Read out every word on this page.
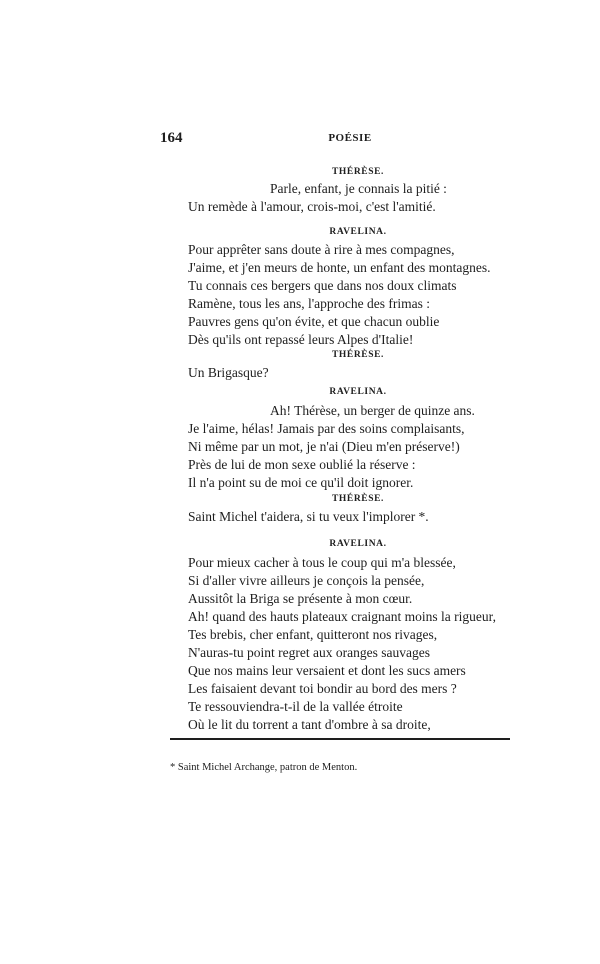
164	POÉSIE
THÉRÈSE.
Parle, enfant, je connais la pitié :
Un remède à l'amour, crois-moi, c'est l'amitié.
RAVELINA.
Pour apprêter sans doute à rire à mes compagnes,
J'aime, et j'en meurs de honte, un enfant des montagnes.
Tu connais ces bergers que dans nos doux climats
Ramène, tous les ans, l'approche des frimas :
Pauvres gens qu'on évite, et que chacun oublie
Dès qu'ils ont repassé leurs Alpes d'Italie!
THÉRÈSE.
Un Brigasque?
RAVELINA.
Ah! Thérèse, un berger de quinze ans.
Je l'aime, hélas! Jamais par des soins complaisants,
Ni même par un mot, je n'ai (Dieu m'en préserve!)
Près de lui de mon sexe oublié la réserve :
Il n'a point su de moi ce qu'il doit ignorer.
THÉRÈSE.
Saint Michel t'aidera, si tu veux l'implorer *.
RAVELINA.
Pour mieux cacher à tous le coup qui m'a blessée,
Si d'aller vivre ailleurs je conçois la pensée,
Aussitôt la Briga se présente à mon cœur.
Ah! quand des hauts plateaux craignant moins la rigueur,
Tes brebis, cher enfant, quitteront nos rivages,
N'auras-tu point regret aux oranges sauvages
Que nos mains leur versaient et dont les sucs amers
Les faisaient devant toi bondir au bord des mers ?
Te ressouviendra-t-il de la vallée étroite
Où le lit du torrent a tant d'ombre à sa droite,
* Saint Michel Archange, patron de Menton.
